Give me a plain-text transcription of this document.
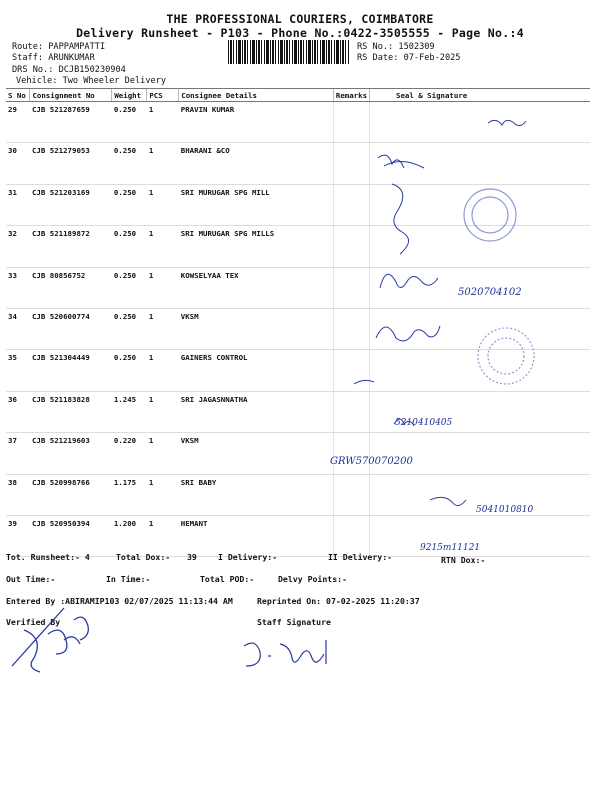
THE PROFESSIONAL COURIERS, COIMBATORE
Delivery Runsheet - P103 - Phone No.:0422-3505555 - Page No.:4
Route: PAPPAMPATTI
Staff: ARUNKUMAR
DRS No.: DCJB150230904
Vehicle: Two Wheeler Delivery
RS No.: 1502309
RS Date: 07-Feb-2025
S No	Consignment No	Weight	PCS	Consignee Details	Remarks	Seal & Signature
29	CJB 521287659	0.250	1	PRAVIN KUMAR		
30	CJB 521279053	0.250	1	BHARANI &CO		
31	CJB 521203169	0.250	1	SRI MURUGAR SPG MILL		
32	CJB 521189872	0.250	1	SRI MURUGAR SPG MILLS		
33	CJB 80856752	0.250	1	KOWSELYAA TEX		
34	CJB 520600774	0.250	1	VKSM		
35	CJB 521304449	0.250	1	GAINERS CONTROL		
36	CJB 521183828	1.245	1	SRI JAGASNNATHA		
37	CJB 521219603	0.220	1	VKSM		
38	CJB 520998766	1.175	1	SRI BABY		
39	CJB 520950394	1.200	1	HEMANT		
5020704102
5210410405
GRW570070200
5041010810
9215m11121
Tot. Runsheet:- 4	Total Dox:- 39	I Delivery:-	II Delivery:-	RTN Dox:-
Out Time:-	In Time:-	Total POD:-	Delvy Points:-
Entered By :ABIRAMIP103 02/07/2025 11:13:44 AM	Reprinted On: 07-02-2025 11:20:37
Verified By	Staff Signature
